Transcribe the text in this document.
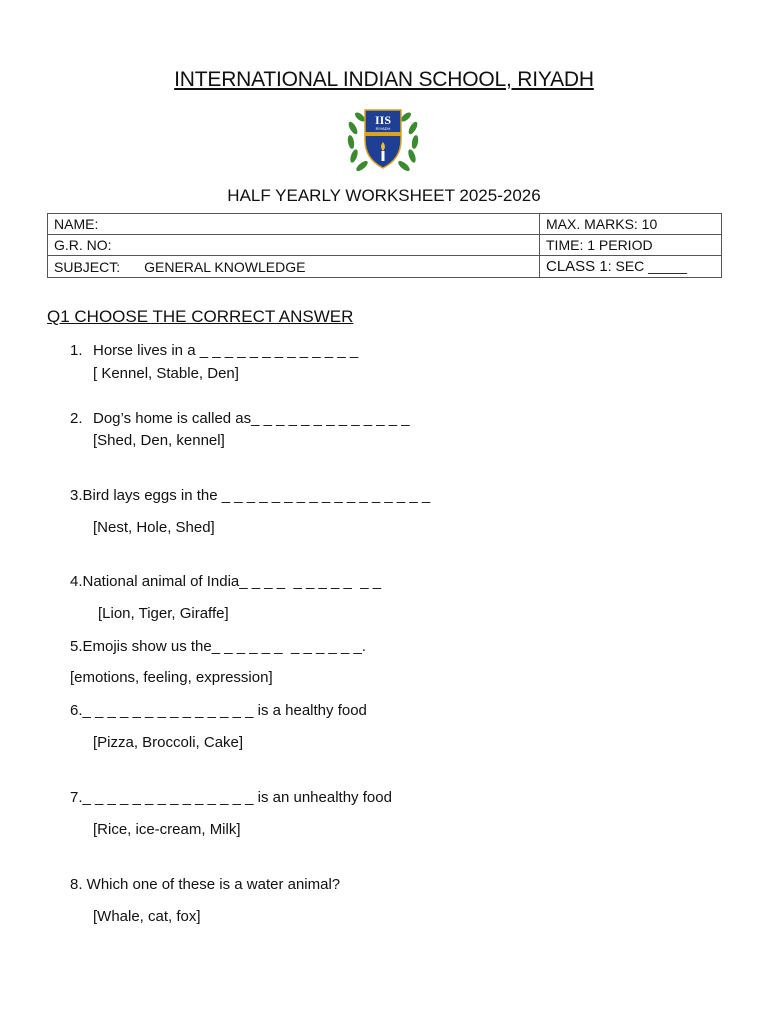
INTERNATIONAL INDIAN SCHOOL, RIYADH
IIS
RIYADH
HALF YEARLY WORKSHEET 2025-2026
NAME:	MAX. MARKS: 10
G.R. NO:	TIME: 1 PERIOD
SUBJECT: GENERAL KNOWLEDGE	CLASS 1: SEC _____
Q1 CHOOSE THE CORRECT ANSWER
1. Horse lives in a _ _ _ _ _ _ _ _ _ _ _ _ _
[ Kennel, Stable, Den]
2. Dog’s home is called as_ _ _ _ _ _ _ _ _ _ _ _ _
[Shed, Den, kennel]
3.Bird lays eggs in the _ _ _ _ _ _ _ _ _ _ _ _ _ _ _ _ _
[Nest, Hole, Shed]
4.National animal of India_ _ _ _  _ _ _ _ _  _ _
[Lion, Tiger, Giraffe]
5.Emojis show us the_ _ _ _ _ _  _ _ _ _ _ _.
[emotions, feeling, expression]
6._ _ _ _ _ _ _ _ _ _ _ _ _ _ is a healthy food
[Pizza, Broccoli, Cake]
7._ _ _ _ _ _ _ _ _ _ _ _ _ _ is an unhealthy food
[Rice, ice-cream, Milk]
8. Which one of these is a water animal?
[Whale, cat, fox]
